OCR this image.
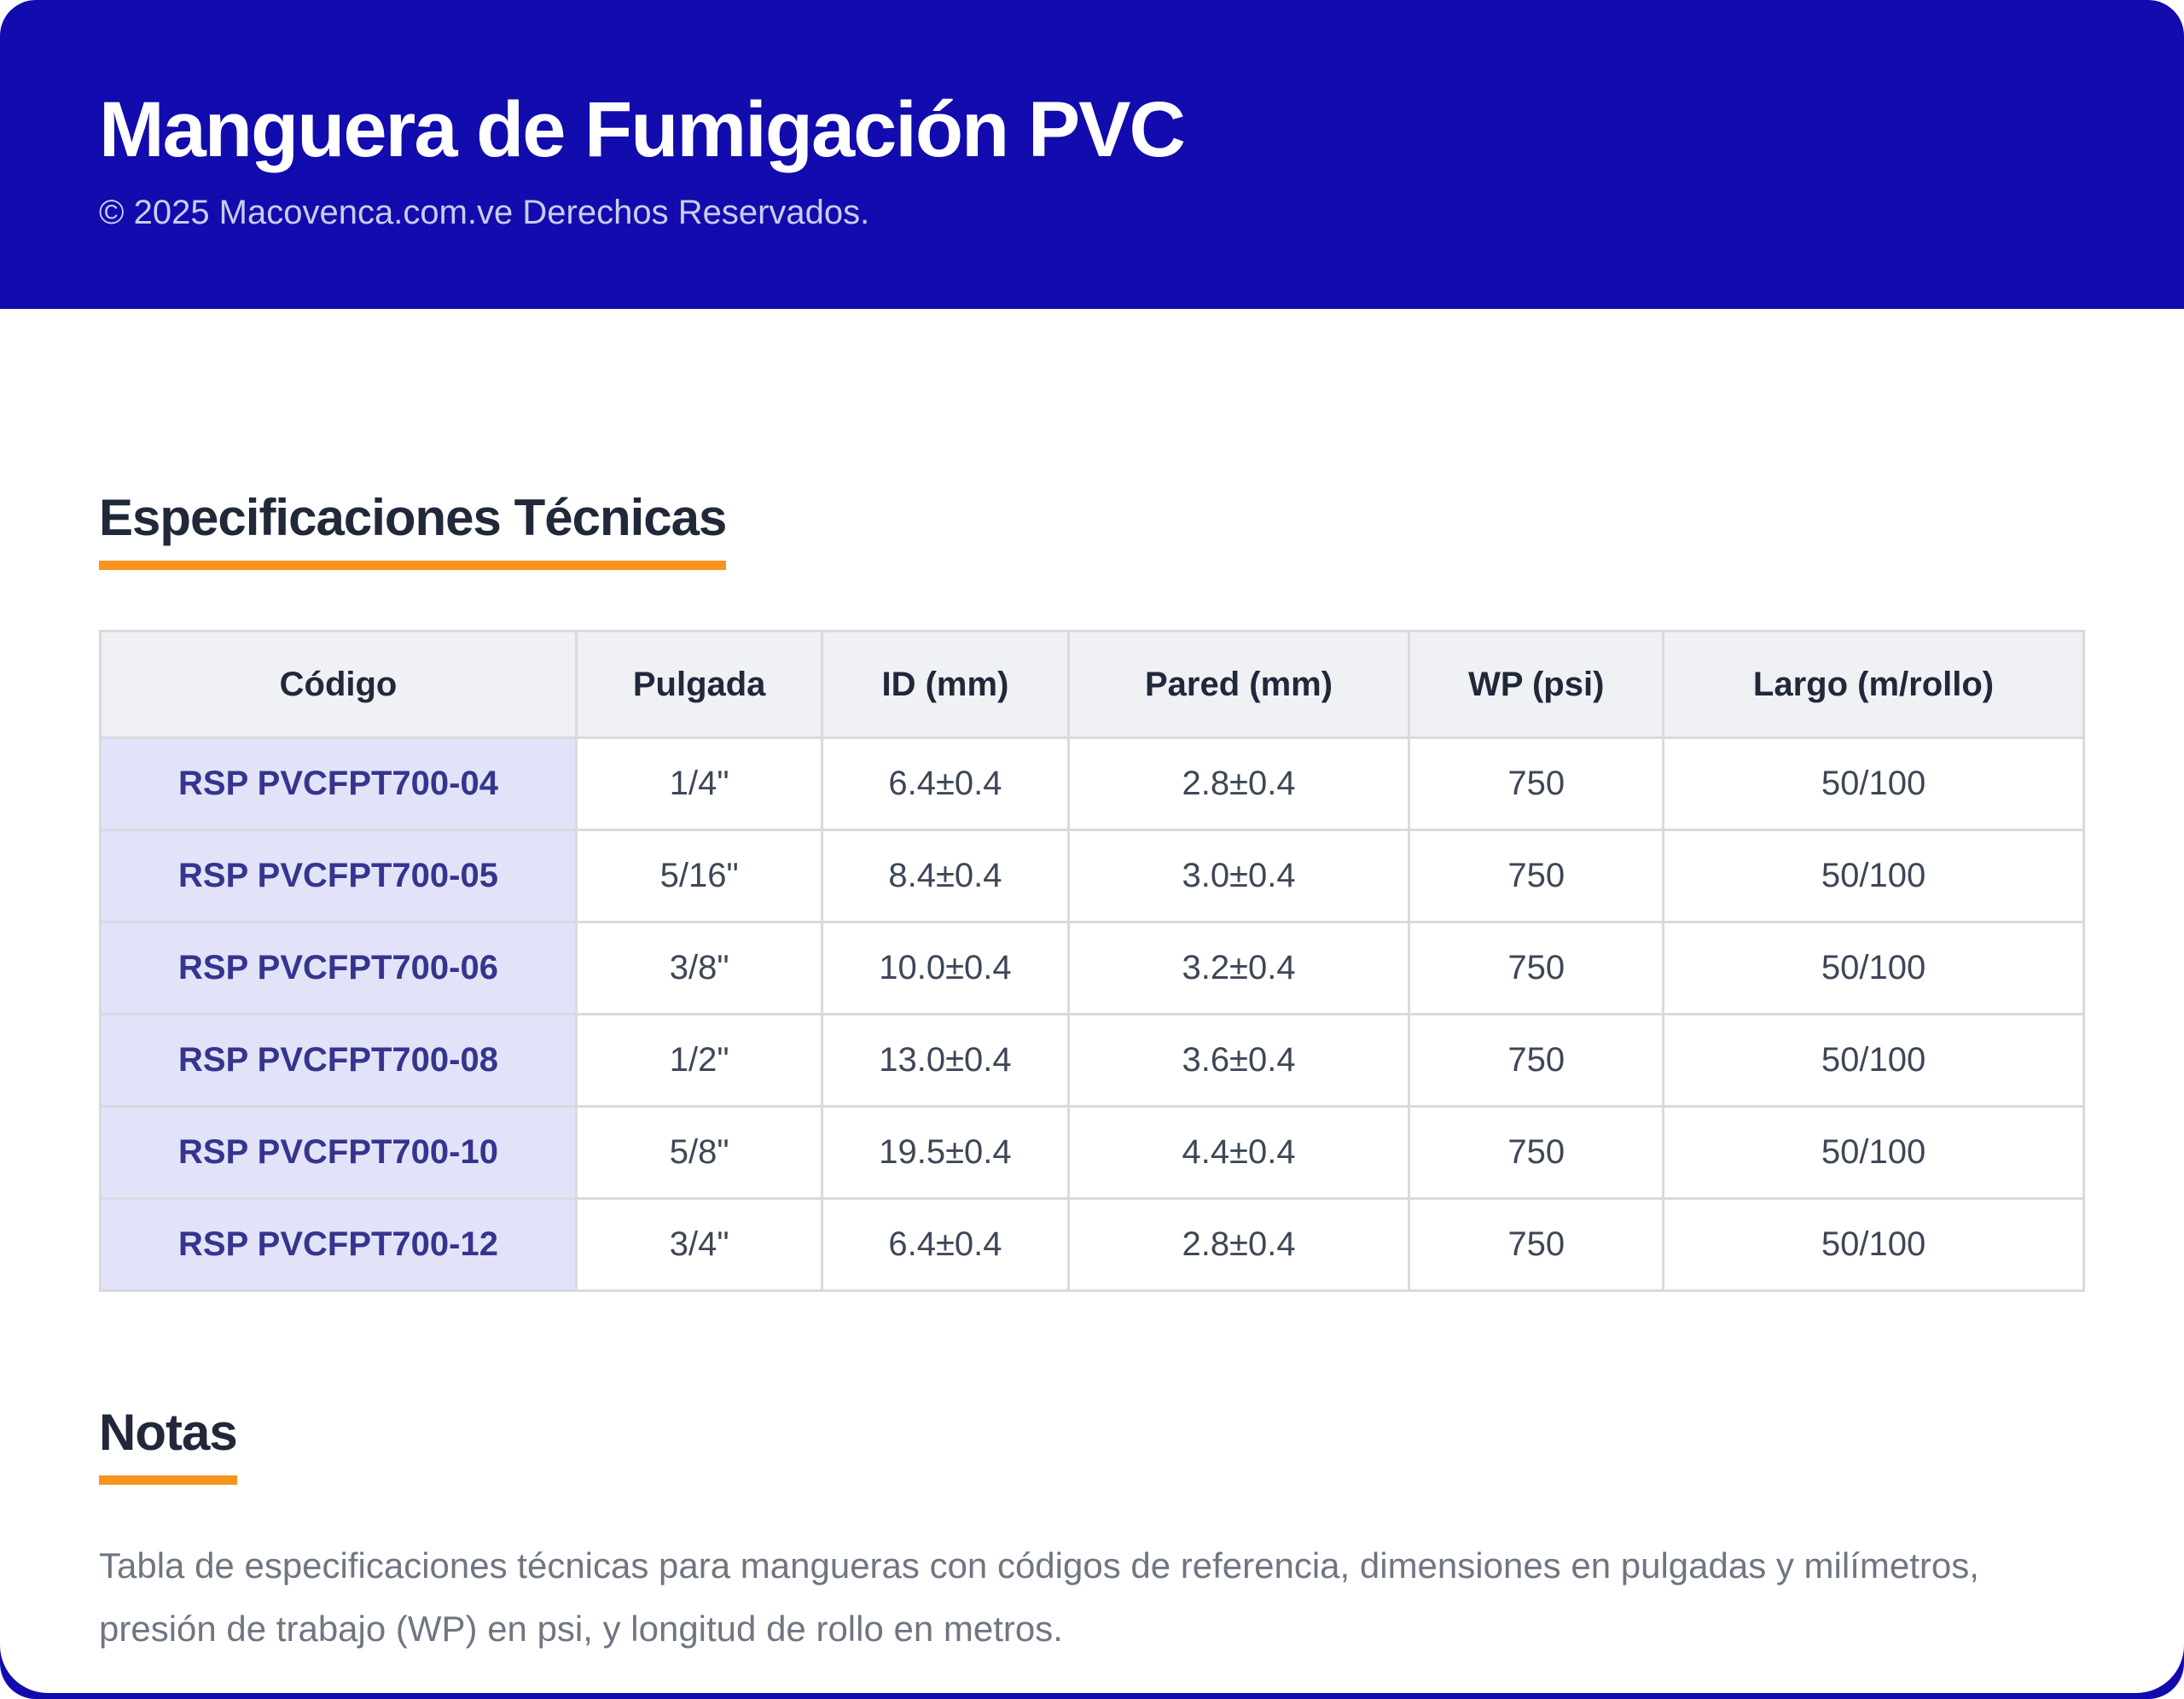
Manguera de Fumigación PVC
© 2025 Macovenca.com.ve Derechos Reservados.
Especificaciones Técnicas
Código	Pulgada	ID (mm)	Pared (mm)	WP (psi)	Largo (m/rollo)
RSP PVCFPT700-04	1/4"	6.4±0.4	2.8±0.4	750	50/100
RSP PVCFPT700-05	5/16"	8.4±0.4	3.0±0.4	750	50/100
RSP PVCFPT700-06	3/8"	10.0±0.4	3.2±0.4	750	50/100
RSP PVCFPT700-08	1/2"	13.0±0.4	3.6±0.4	750	50/100
RSP PVCFPT700-10	5/8"	19.5±0.4	4.4±0.4	750	50/100
RSP PVCFPT700-12	3/4"	6.4±0.4	2.8±0.4	750	50/100
Notas

Tabla de especificaciones técnicas para mangueras con códigos de referencia, dimensiones en pulgadas y milímetros, presión de trabajo (WP) en psi, y longitud de rollo en metros.
